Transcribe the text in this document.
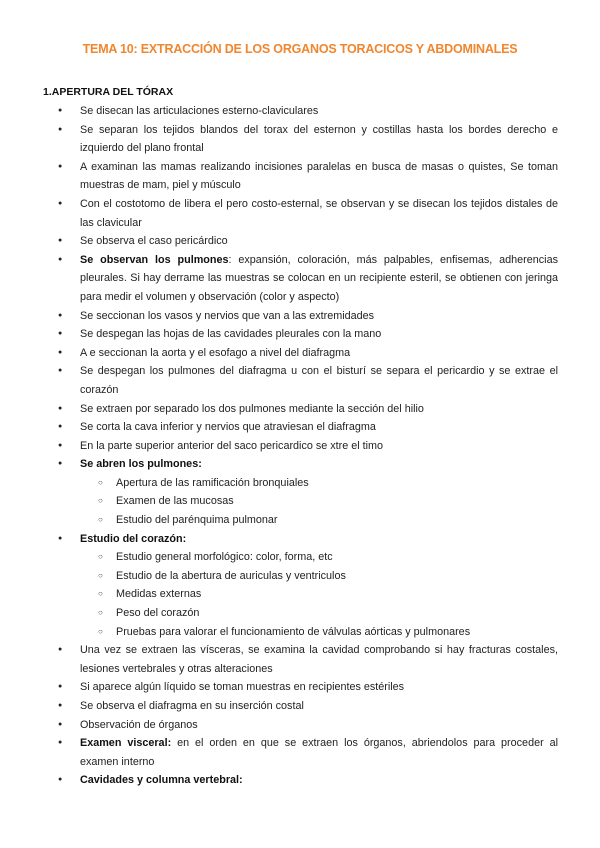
TEMA 10: EXTRACCIÓN DE LOS ORGANOS TORACICOS Y ABDOMINALES
1.APERTURA DEL TÓRAX
● Se disecan las articulaciones esterno-claviculares
● Se separan los tejidos blandos del torax del esternon y costillas hasta los bordes derecho e izquierdo del plano frontal
● A examinan las mamas realizando incisiones paralelas en busca de masas o quistes, Se toman muestras de mam, piel y músculo
● Con el costotomo de libera el pero costo-esternal, se observan y se disecan los tejidos distales de las clavicular
● Se observa el caso pericárdico
● Se observan los pulmones: expansión, coloración, más palpables, enfisemas, adherencias pleurales. Si hay derrame las muestras se colocan en un recipiente esteril, se obtienen con jeringa para medir el volumen y observación (color y aspecto)
● Se seccionan los vasos y nervios que van a las extremidades
● Se despegan las hojas de las cavidades pleurales con la mano
● A e seccionan la aorta y el esofago a nivel del diafragma
● Se despegan los pulmones del diafragma u con el bisturí se separa el pericardio y se extrae el corazón
● Se extraen por separado los dos pulmones mediante la sección del hilio
● Se corta la cava inferior y nervios que atraviesan el diafragma
● En la parte superior anterior del saco pericardico se xtre el timo
● Se abren los pulmones:
○ Apertura de las ramificación bronquiales
○ Examen de las mucosas
○ Estudio del parénquima pulmonar
● Estudio del corazón:
○ Estudio general morfológico: color, forma, etc
○ Estudio de la abertura de auriculas y ventriculos
○ Medidas externas
○ Peso del corazón
○ Pruebas para valorar el funcionamiento de válvulas aórticas y pulmonares
● Una vez se extraen las vísceras, se examina la cavidad comprobando si hay fracturas costales, lesiones vertebrales y otras alteraciones
● Si aparece algún líquido se toman muestras en recipientes estériles
● Se observa el diafragma en su inserción costal
● Observación de órganos
● Examen visceral: en el orden en que se extraen los órganos, abriendolos para proceder al examen interno
● Cavidades y columna vertebral:
